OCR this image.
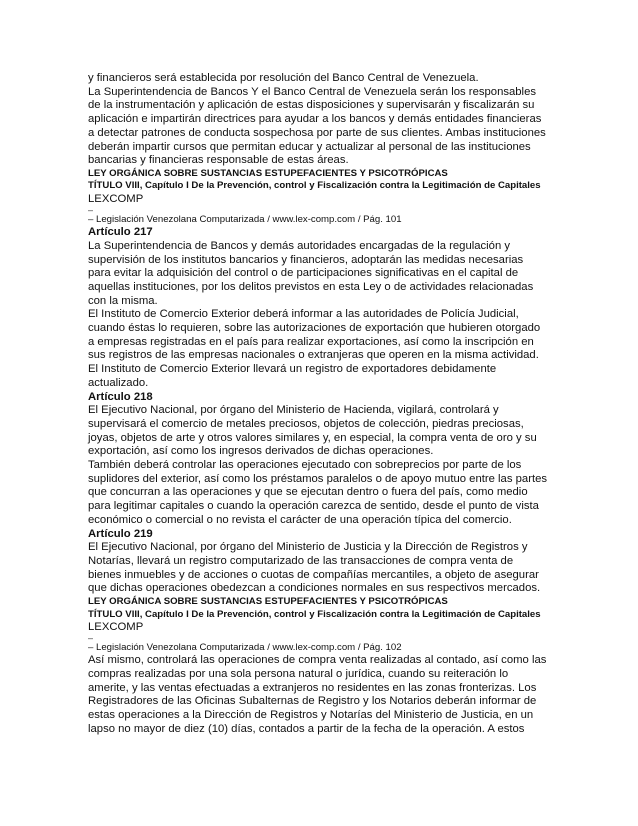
y financieros será establecida por resolución del Banco Central de Venezuela.

La Superintendencia de Bancos Y el Banco Central de Venezuela serán los responsables de la instrumentación y aplicación de estas disposiciones y supervisarán y fiscalizarán su aplicación e impartirán directrices para ayudar a los bancos y demás entidades financieras a detectar patrones de conducta sospechosa por parte de sus clientes. Ambas instituciones deberán impartir cursos que permitan educar y actualizar al personal de las instituciones bancarias y financieras responsable de estas áreas.

LEY ORGÁNICA SOBRE SUSTANCIAS ESTUPEFACIENTES Y PSICOTRÓPICAS

TÍTULO VIII, Capítulo I De la Prevención, control y Fiscalización contra la Legitimación de Capitales

LEXCOMP

–

– Legislación Venezolana Computarizada / www.lex-comp.com / Pág. 101

Artículo 217

La Superintendencia de Bancos y demás autoridades encargadas de la regulación y supervisión de los institutos bancarios y financieros, adoptarán las medidas necesarias para evitar la adquisición del control o de participaciones significativas en el capital de aquellas instituciones, por los delitos previstos en esta Ley o de actividades relacionadas con la misma.

El Instituto de Comercio Exterior deberá informar a las autoridades de Policía Judicial, cuando éstas lo requieren, sobre las autorizaciones de exportación que hubieren otorgado a empresas registradas en el país para realizar exportaciones, así como la inscripción en sus registros de las empresas nacionales o extranjeras que operen en la misma actividad.

El Instituto de Comercio Exterior llevará un registro de exportadores debidamente actualizado.

Artículo 218

El Ejecutivo Nacional, por órgano del Ministerio de Hacienda, vigilará, controlará y supervisará el comercio de metales preciosos, objetos de colección, piedras preciosas, joyas, objetos de arte y otros valores similares y, en especial, la compra venta de oro y su exportación, así como los ingresos derivados de dichas operaciones.

También deberá controlar las operaciones ejecutado con sobreprecios por parte de los suplidores del exterior, así como los préstamos paralelos o de apoyo mutuo entre las partes que concurran a las operaciones y que se ejecutan dentro o fuera del país, como medio para legitimar capitales o cuando la operación carezca de sentido, desde el punto de vista económico o comercial o no revista el carácter de una operación típica del comercio.

Artículo 219

El Ejecutivo Nacional, por órgano del Ministerio de Justicia y la Dirección de Registros y Notarías, llevará un registro computarizado de las transacciones de compra venta de bienes inmuebles y de acciones o cuotas de compañías mercantiles, a objeto de asegurar que dichas operaciones obedezcan a condiciones normales en sus respectivos mercados.

LEY ORGÁNICA SOBRE SUSTANCIAS ESTUPEFACIENTES Y PSICOTRÓPICAS

TÍTULO VIII, Capítulo I De la Prevención, control y Fiscalización contra la Legitimación de Capitales

LEXCOMP

–

– Legislación Venezolana Computarizada / www.lex-comp.com / Pág. 102

Así mismo, controlará las operaciones de compra venta realizadas al contado, así como las compras realizadas por una sola persona natural o jurídica, cuando su reiteración lo amerite, y las ventas efectuadas a extranjeros no residentes en las zonas fronterizas. Los Registradores de las Oficinas Subalternas de Registro y los Notarios deberán informar de estas operaciones a la Dirección de Registros y Notarías del Ministerio de Justicia, en un lapso no mayor de diez (10) días, contados a partir de la fecha de la operación. A estos
